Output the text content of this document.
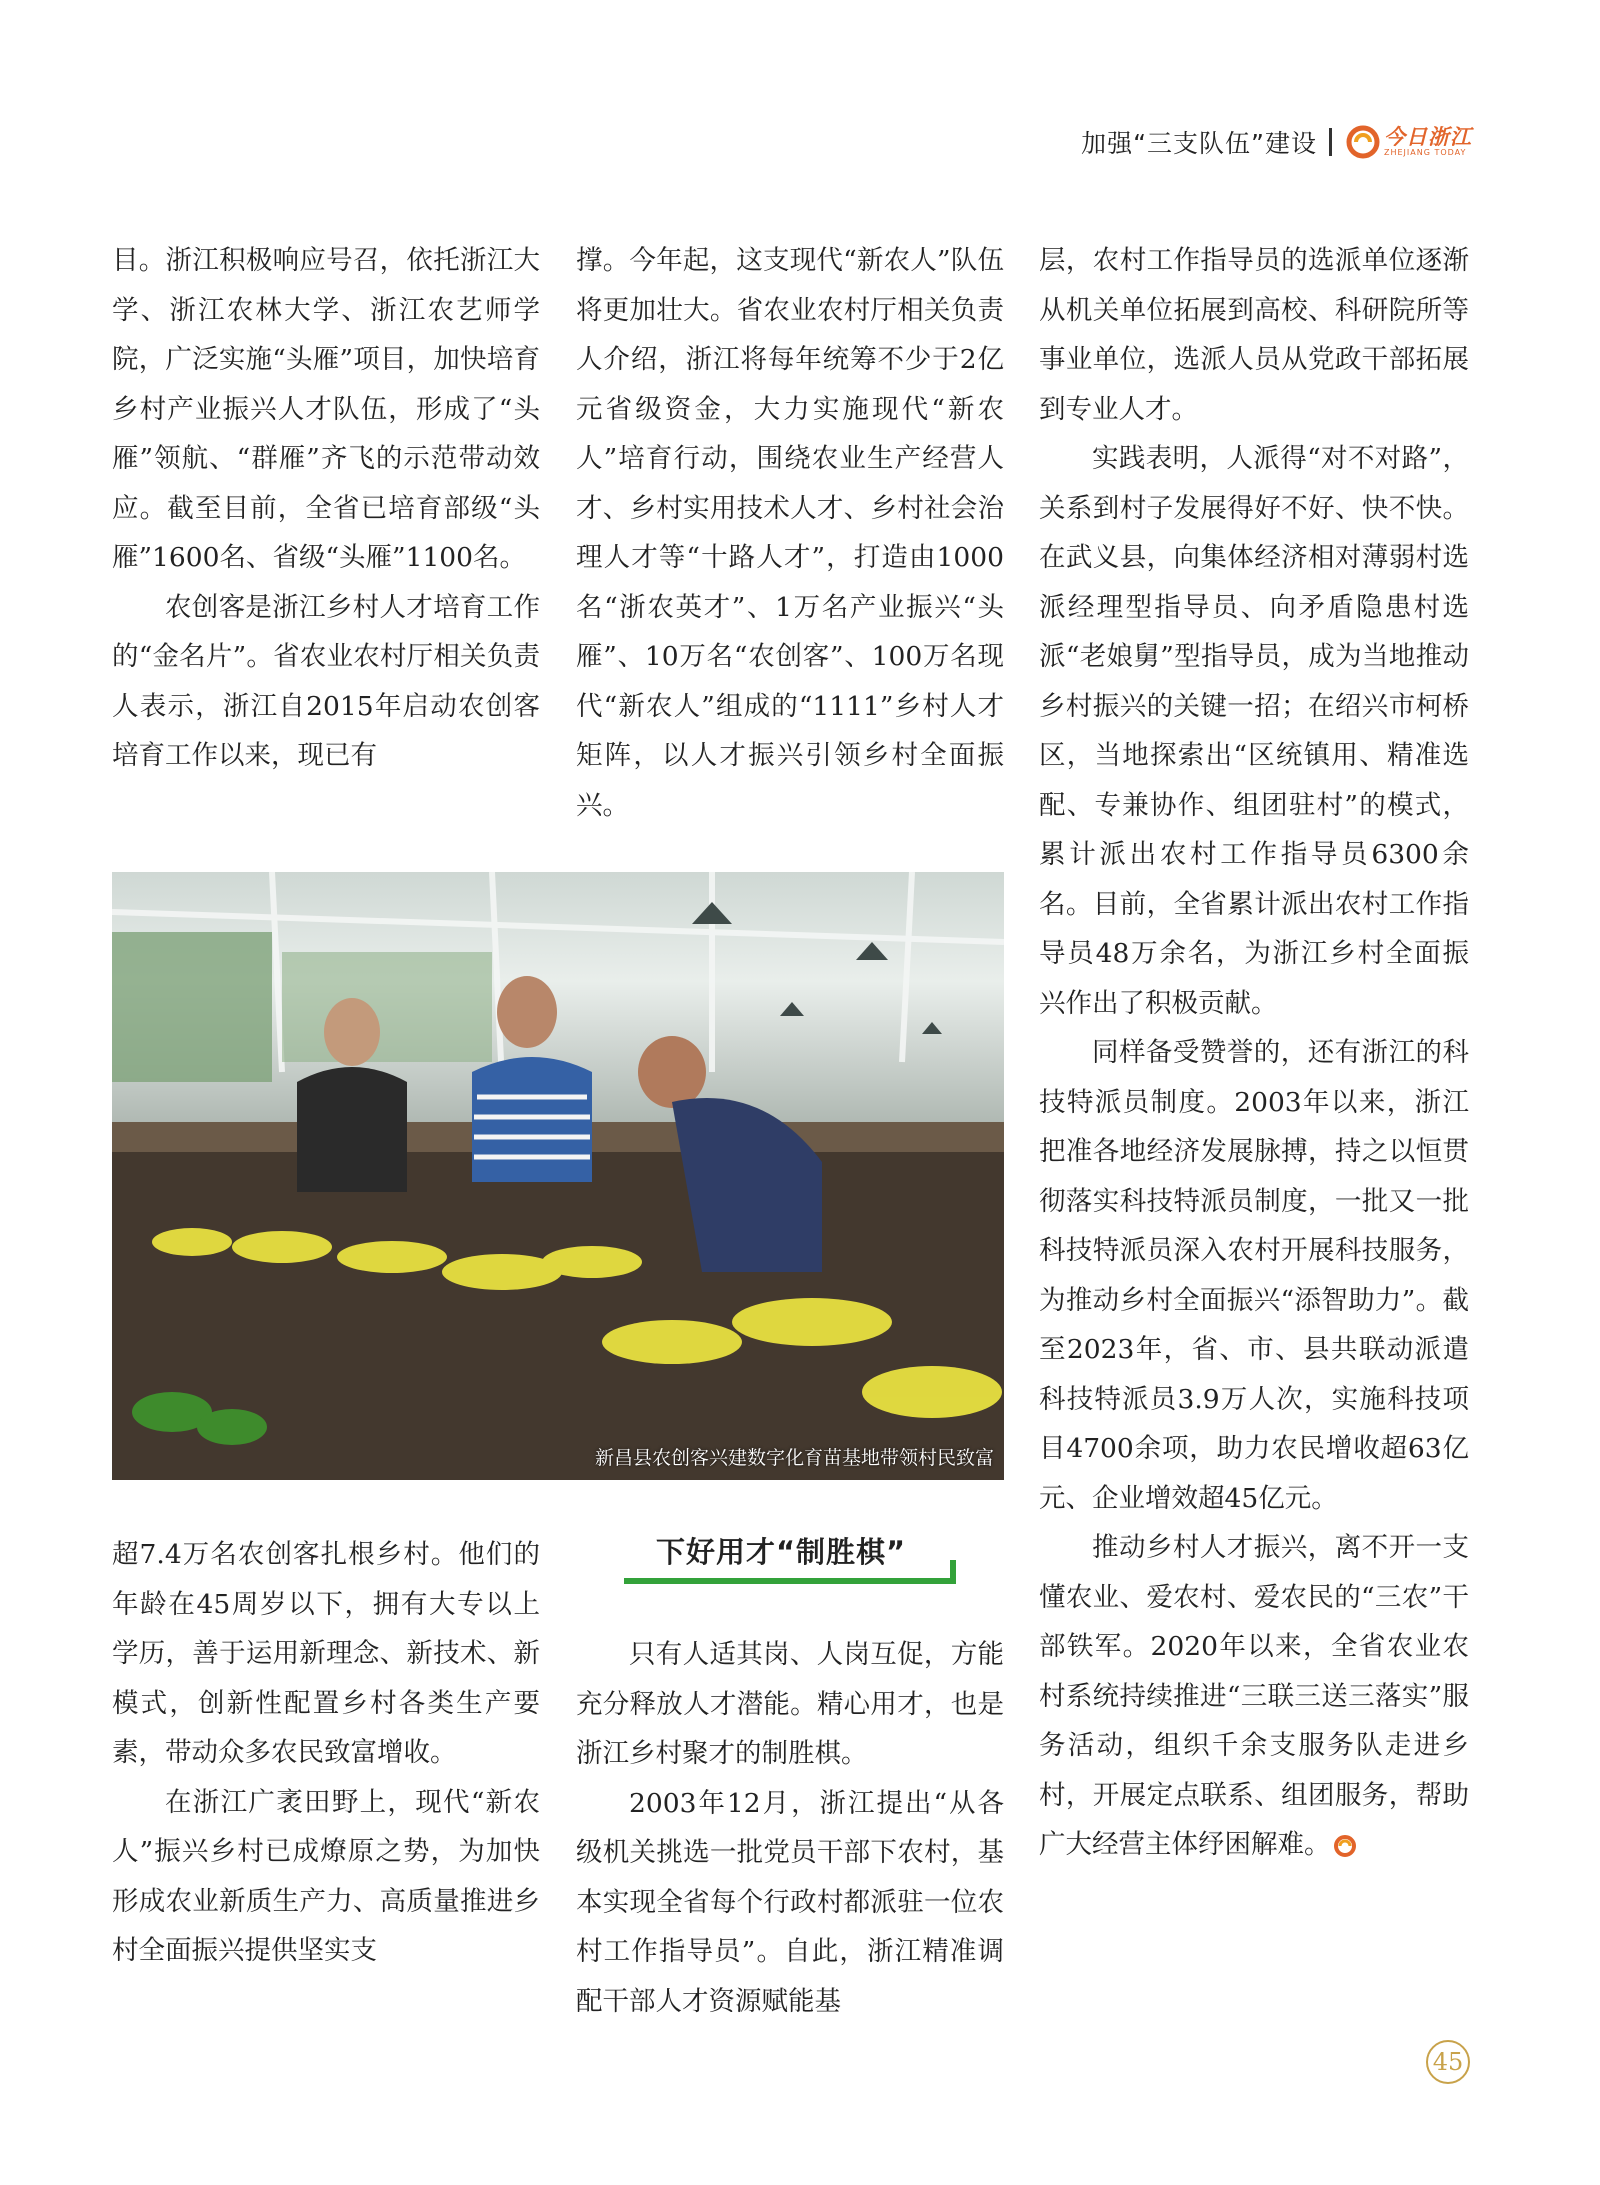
加强“三支队伍”建设	今日浙江
ZHEJIANG TODAY

目。浙江积极响应号召，依托浙江大学、浙江农林大学、浙江农艺师学院，广泛实施“头雁”项目，加快培育乡村产业振兴人才队伍，形成了“头雁”领航、“群雁”齐飞的示范带动效应。截至目前，全省已培育部级“头雁”1600名、省级“头雁”1100名。

农创客是浙江乡村人才培育工作的“金名片”。省农业农村厅相关负责人表示，浙江自2015年启动农创客培育工作以来，现已有

撑。今年起，这支现代“新农人”队伍将更加壮大。省农业农村厅相关负责人介绍，浙江将每年统筹不少于2亿元省级资金，大力实施现代“新农人”培育行动，围绕农业生产经营人才、乡村实用技术人才、乡村社会治理人才等“十路人才”，打造由1000名“浙农英才”、1万名产业振兴“头雁”、10万名“农创客”、100万名现代“新农人”组成的“1111”乡村人才矩阵，以人才振兴引领乡村全面振兴。

层，农村工作指导员的选派单位逐渐从机关单位拓展到高校、科研院所等事业单位，选派人员从党政干部拓展到专业人才。

实践表明，人派得“对不对路”，关系到村子发展得好不好、快不快。在武义县，向集体经济相对薄弱村选派经理型指导员、向矛盾隐患村选派“老娘舅”型指导员，成为当地推动乡村振兴的关键一招；在绍兴市柯桥区，当地探索出“区统镇用、精准选配、专兼协作、组团驻村”的模式，累计派出农村工作指导员6300余名。目前，全省累计派出农村工作指导员48万余名，为浙江乡村全面振兴作出了积极贡献。

同样备受赞誉的，还有浙江的科技特派员制度。2003年以来，浙江把准各地经济发展脉搏，持之以恒贯彻落实科技特派员制度，一批又一批科技特派员深入农村开展科技服务，为推动乡村全面振兴“添智助力”。截至2023年，省、市、县共联动派遣科技特派员3.9万人次，实施科技项目4700余项，助力农民增收超63亿元、企业增效超45亿元。

推动乡村人才振兴，离不开一支懂农业、爱农村、爱农民的“三农”干部铁军。2020年以来，全省农业农村系统持续推进“三联三送三落实”服务活动，组织千余支服务队走进乡村，开展定点联系、组团服务，帮助广大经营主体纾困解难。

新昌县农创客兴建数字化育苗基地带领村民致富

超7.4万名农创客扎根乡村。他们的年龄在45周岁以下，拥有大专以上学历，善于运用新理念、新技术、新模式，创新性配置乡村各类生产要素，带动众多农民致富增收。

在浙江广袤田野上，现代“新农人”振兴乡村已成燎原之势，为加快形成农业新质生产力、高质量推进乡村全面振兴提供坚实支

下好用才“制胜棋”

只有人适其岗、人岗互促，方能充分释放人才潜能。精心用才，也是浙江乡村聚才的制胜棋。

2003年12月，浙江提出“从各级机关挑选一批党员干部下农村，基本实现全省每个行政村都派驻一位农村工作指导员”。自此，浙江精准调配干部人才资源赋能基

45
